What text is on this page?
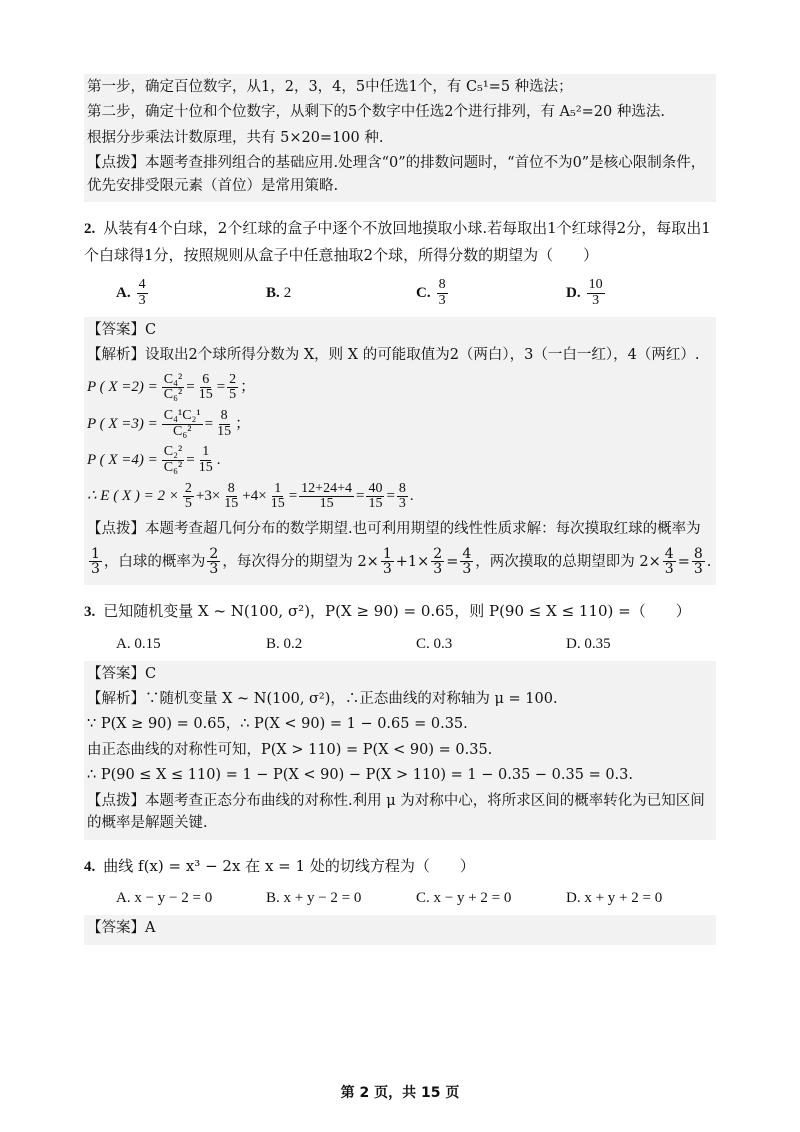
第一步，确定百位数字，从1，2，3，4，5中任选1个，有 C₅¹=5 种选法；
第二步，确定十位和个位数字，从剩下的5个数字中任选2个进行排列，有 A₅²=20 种选法.
根据分步乘法计数原理，共有 5×20=100 种.
【点拨】本题考查排列组合的基础应用.处理含“0”的排数问题时，“首位不为0”是核心限制条件，优先安排受限元素（首位）是常用策略.
2. 从装有4个白球，2个红球的盒子中逐个不放回地摸取小球.若每取出1个红球得2分，每取出1个白球得1分，按照规则从盒子中任意抽取2个球，所得分数的期望为（　　）
A. $\frac{4}{3}$	B. 2	C. $\frac{8}{3}$	D. $\frac{10}{3}$
【答案】C
【解析】设取出2个球所得分数为 X，则 X 的可能取值为2（两白），3（一白一红），4（两红）.
P ( $X =2) = \frac{\text{C₄²}}{\text{C₆²}} = \frac{6}{15} = \frac{2}{5}$ ；
P ( $X =3) = \frac{\text{C₄¹C₂¹}}{\text{C₆²}} = \frac{8}{15}$ ；
P ( $X =4) = \frac{\text{C₂²}}{\text{C₆²}} = \frac{1}{15}$ .
∴ E ( X ) = $2 \times \frac{2}{5} +3\times \frac{8}{15} +4\times \frac{1}{15} = \frac{12+24+4}{15} = \frac{40}{15} = \frac{8}{3}$ .
【点拨】本题考查超几何分布的数学期望.也可利用期望的线性性质求解：每次摸取红球的概率为
$\frac{1}{3}$ ，白球的概率为 $\frac{2}{3}$ ，每次得分的期望为 $2\times \frac{1}{3} +1\times \frac{2}{3} = \frac{4}{3}$ ，两次摸取的总期望即为 $2\times \frac{4}{3} = \frac{8}{3}$ .
3. 已知随机变量 X ~ N(100, σ²)，P(X ≥ 90) = 0.65，则 P(90 ≤ X ≤ 110) =（　　）
A. 0.15	B. 0.2	C. 0.3	D. 0.35
【答案】C
【解析】∵随机变量 X ~ N(100, σ²)，∴正态曲线的对称轴为 μ = 100.
∵ P(X ≥ 90) = 0.65，∴ P(X < 90) = 1 − 0.65 = 0.35.
由正态曲线的对称性可知，P(X > 110) = P(X < 90) = 0.35.
∴ P(90 ≤ X ≤ 110) = 1 − P(X < 90) − P(X > 110) = 1 − 0.35 − 0.35 = 0.3.
【点拨】本题考查正态分布曲线的对称性.利用 μ 为对称中心，将所求区间的概率转化为已知区间的概率是解题关键.
4. 曲线 f(x) = x³ − 2x 在 x = 1 处的切线方程为（　　）
A. x − y − 2 = 0	B. x + y − 2 = 0	C. x − y + 2 = 0	D. x + y + 2 = 0
【答案】A
第 2 页，共 15 页
